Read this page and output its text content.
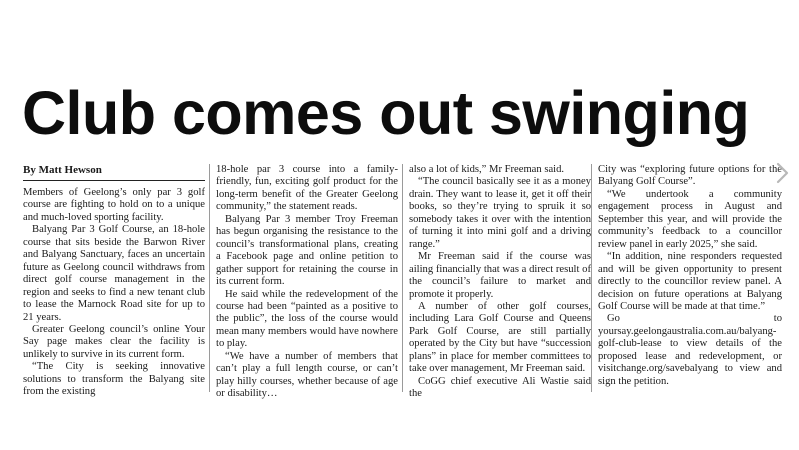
Club comes out swinging
By Matt Hewson

Members of Geelong’s only par 3 golf course are fighting to hold on to a unique and much-loved sporting facility.

Balyang Par 3 Golf Course, an 18-hole course that sits beside the Barwon River and Balyang Sanctuary, faces an uncertain future as Geelong council withdraws from direct golf course management in the region and seeks to find a new tenant club to lease the Marnock Road site for up to 21 years.

Greater Geelong council’s online Your Say page makes clear the facility is unlikely to survive in its current form.

“The City is seeking innovative solutions to transform the Balyang site from the existing

18-hole par 3 course into a family-friendly, fun, exciting golf product for the long-term benefit of the Greater Geelong community,” the statement reads.

Balyang Par 3 member Troy Freeman has begun organising the resistance to the council’s transformational plans, creating a Facebook page and online petition to gather support for retaining the course in its current form.

He said while the redevelopment of the course had been “painted as a positive to the public”, the loss of the course would mean many members would have nowhere to play.

“We have a number of members that can’t play a full length course, or can’t play hilly courses, whether because of age or disability…

also a lot of kids,” Mr Freeman said.

“The council basically see it as a money drain. They want to lease it, get it off their books, so they’re trying to spruik it so somebody takes it over with the intention of turning it into mini golf and a driving range.”

Mr Freeman said if the course was ailing financially that was a direct result of the council’s failure to market and promote it properly.

A number of other golf courses, including Lara Golf Course and Queens Park Golf Course, are still partially operated by the City but have “succession plans” in place for member committees to take over management, Mr Freeman said.

CoGG chief executive Ali Wastie said the

City was “exploring future options for the Balyang Golf Course”.

“We undertook a community engagement process in August and September this year, and will provide the community’s feedback to a councillor review panel in early 2025,” she said.

“In addition, nine responders requested and will be given opportunity to present directly to the councillor review panel. A decision on future operations at Balyang Golf Course will be made at that time.”

Go to yoursay.geelongaustralia.com.au/balyang-golf-club-lease to view details of the proposed lease and redevelopment, or visitchange.org/savebalyang to view and sign the petition.
